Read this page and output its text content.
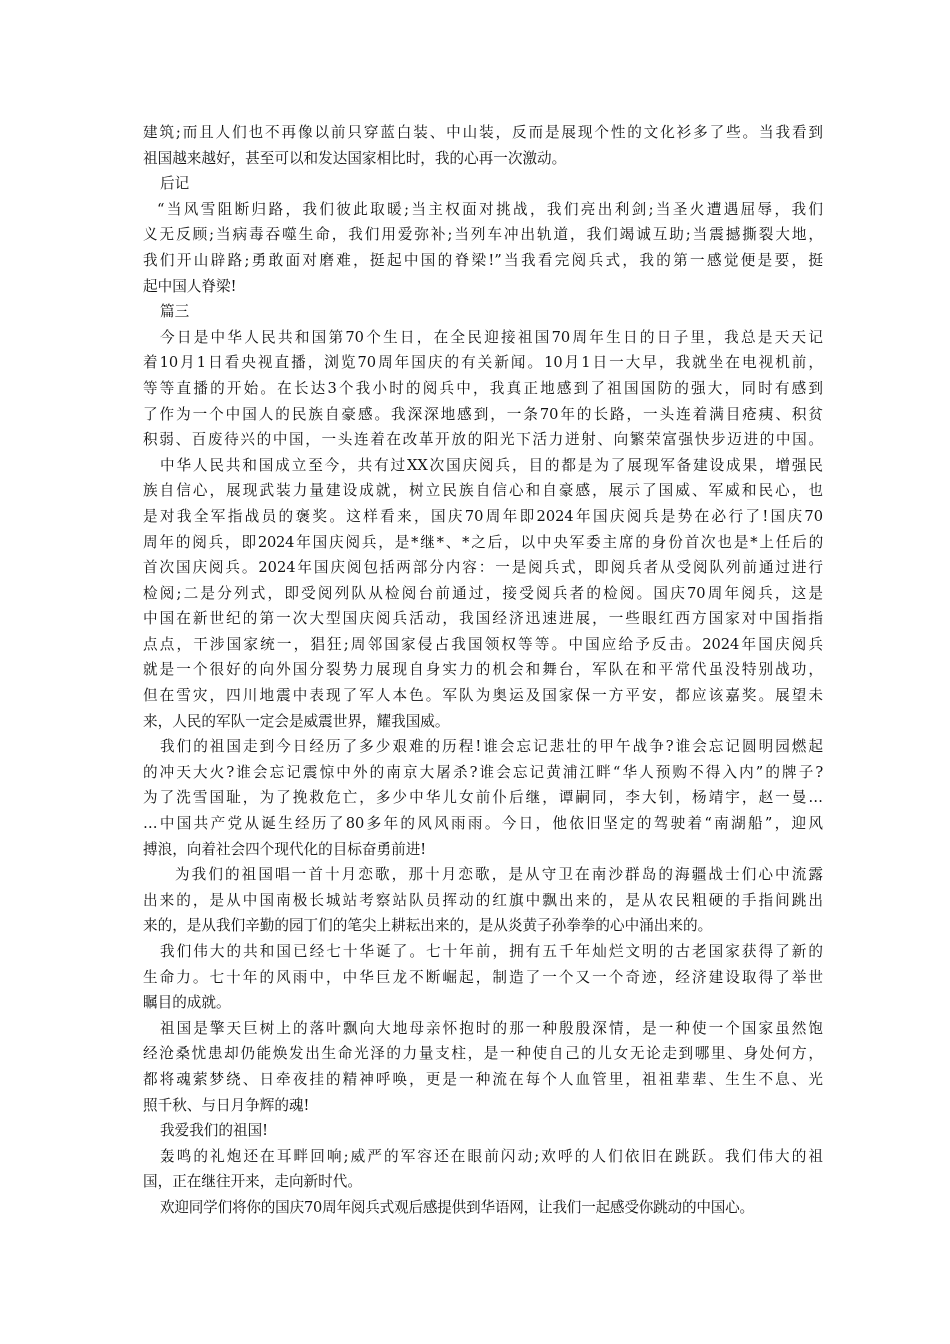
建筑;而且人们也不再像以前只穿蓝白装、中山装，反而是展现个性的文化衫多了些。当我看到
祖国越来越好，甚至可以和发达国家相比时，我的心再一次激动。
后记
“当风雪阻断归路，我们彼此取暖;当主权面对挑战，我们亮出利剑;当圣火遭遇屈辱，我们
义无反顾;当病毒吞噬生命，我们用爱弥补;当列车冲出轨道，我们竭诚互助;当震撼撕裂大地，
我们开山辟路;勇敢面对磨难，挺起中国的脊梁!”当我看完阅兵式，我的第一感觉便是要，挺
起中国人脊梁!
篇三
今日是中华人民共和国第70个生日，在全民迎接祖国70周年生日的日子里，我总是天天记
着10月1日看央视直播，浏览70周年国庆的有关新闻。10月1日一大早，我就坐在电视机前，
等等直播的开始。在长达3个我小时的阅兵中，我真正地感到了祖国国防的强大，同时有感到
了作为一个中国人的民族自豪感。我深深地感到，一条70年的长路，一头连着满目疮痍、积贫
积弱、百废待兴的中国，一头连着在改革开放的阳光下活力迸射、向繁荣富强快步迈进的中国。
中华人民共和国成立至今，共有过XX次国庆阅兵，目的都是为了展现军备建设成果，增强民
族自信心，展现武装力量建设成就，树立民族自信心和自豪感，展示了国威、军威和民心，也
是对我全军指战员的褒奖。这样看来，国庆70周年即2024年国庆阅兵是势在必行了!国庆70
周年的阅兵，即2024年国庆阅兵，是*继*、*之后，以中央军委主席的身份首次也是*上任后的
首次国庆阅兵。2024年国庆阅包括两部分内容：一是阅兵式，即阅兵者从受阅队列前通过进行
检阅;二是分列式，即受阅列队从检阅台前通过，接受阅兵者的检阅。国庆70周年阅兵，这是
中国在新世纪的第一次大型国庆阅兵活动，我国经济迅速进展，一些眼红西方国家对中国指指
点点，干涉国家统一，猖狂;周邻国家侵占我国领权等等。中国应给予反击。2024年国庆阅兵
就是一个很好的向外国分裂势力展现自身实力的机会和舞台，军队在和平常代虽没特别战功，
但在雪灾，四川地震中表现了军人本色。军队为奥运及国家保一方平安，都应该嘉奖。展望未
来，人民的军队一定会是威震世界，耀我国威。
我们的祖国走到今日经历了多少艰难的历程!谁会忘记悲壮的甲午战争?谁会忘记圆明园燃起
的冲天大火?谁会忘记震惊中外的南京大屠杀?谁会忘记黄浦江畔“华人预购不得入内”的牌子?
为了洗雪国耻，为了挽救危亡，多少中华儿女前仆后继，谭嗣同，李大钊，杨靖宇，赵一曼…
…中国共产党从诞生经历了80多年的风风雨雨。今日，他依旧坚定的驾驶着“南湖船”，迎风
搏浪，向着社会四个现代化的目标奋勇前进!
为我们的祖国唱一首十月恋歌，那十月恋歌，是从守卫在南沙群岛的海疆战士们心中流露
出来的，是从中国南极长城站考察站队员挥动的红旗中飘出来的，是从农民粗硬的手指间跳出
来的，是从我们辛勤的园丁们的笔尖上耕耘出来的，是从炎黄子孙拳拳的心中涌出来的。
我们伟大的共和国已经七十华诞了。七十年前，拥有五千年灿烂文明的古老国家获得了新的
生命力。七十年的风雨中，中华巨龙不断崛起，制造了一个又一个奇迹，经济建设取得了举世
瞩目的成就。
祖国是擎天巨树上的落叶飘向大地母亲怀抱时的那一种殷殷深情，是一种使一个国家虽然饱
经沧桑忧患却仍能焕发出生命光泽的力量支柱，是一种使自己的儿女无论走到哪里、身处何方，
都将魂萦梦绕、日牵夜挂的精神呼唤，更是一种流在每个人血管里，祖祖辈辈、生生不息、光
照千秋、与日月争辉的魂!
我爱我们的祖国!
轰鸣的礼炮还在耳畔回响;威严的军容还在眼前闪动;欢呼的人们依旧在跳跃。我们伟大的祖
国，正在继往开来，走向新时代。
欢迎同学们将你的国庆70周年阅兵式观后感提供到华语网，让我们一起感受你跳动的中国心。
